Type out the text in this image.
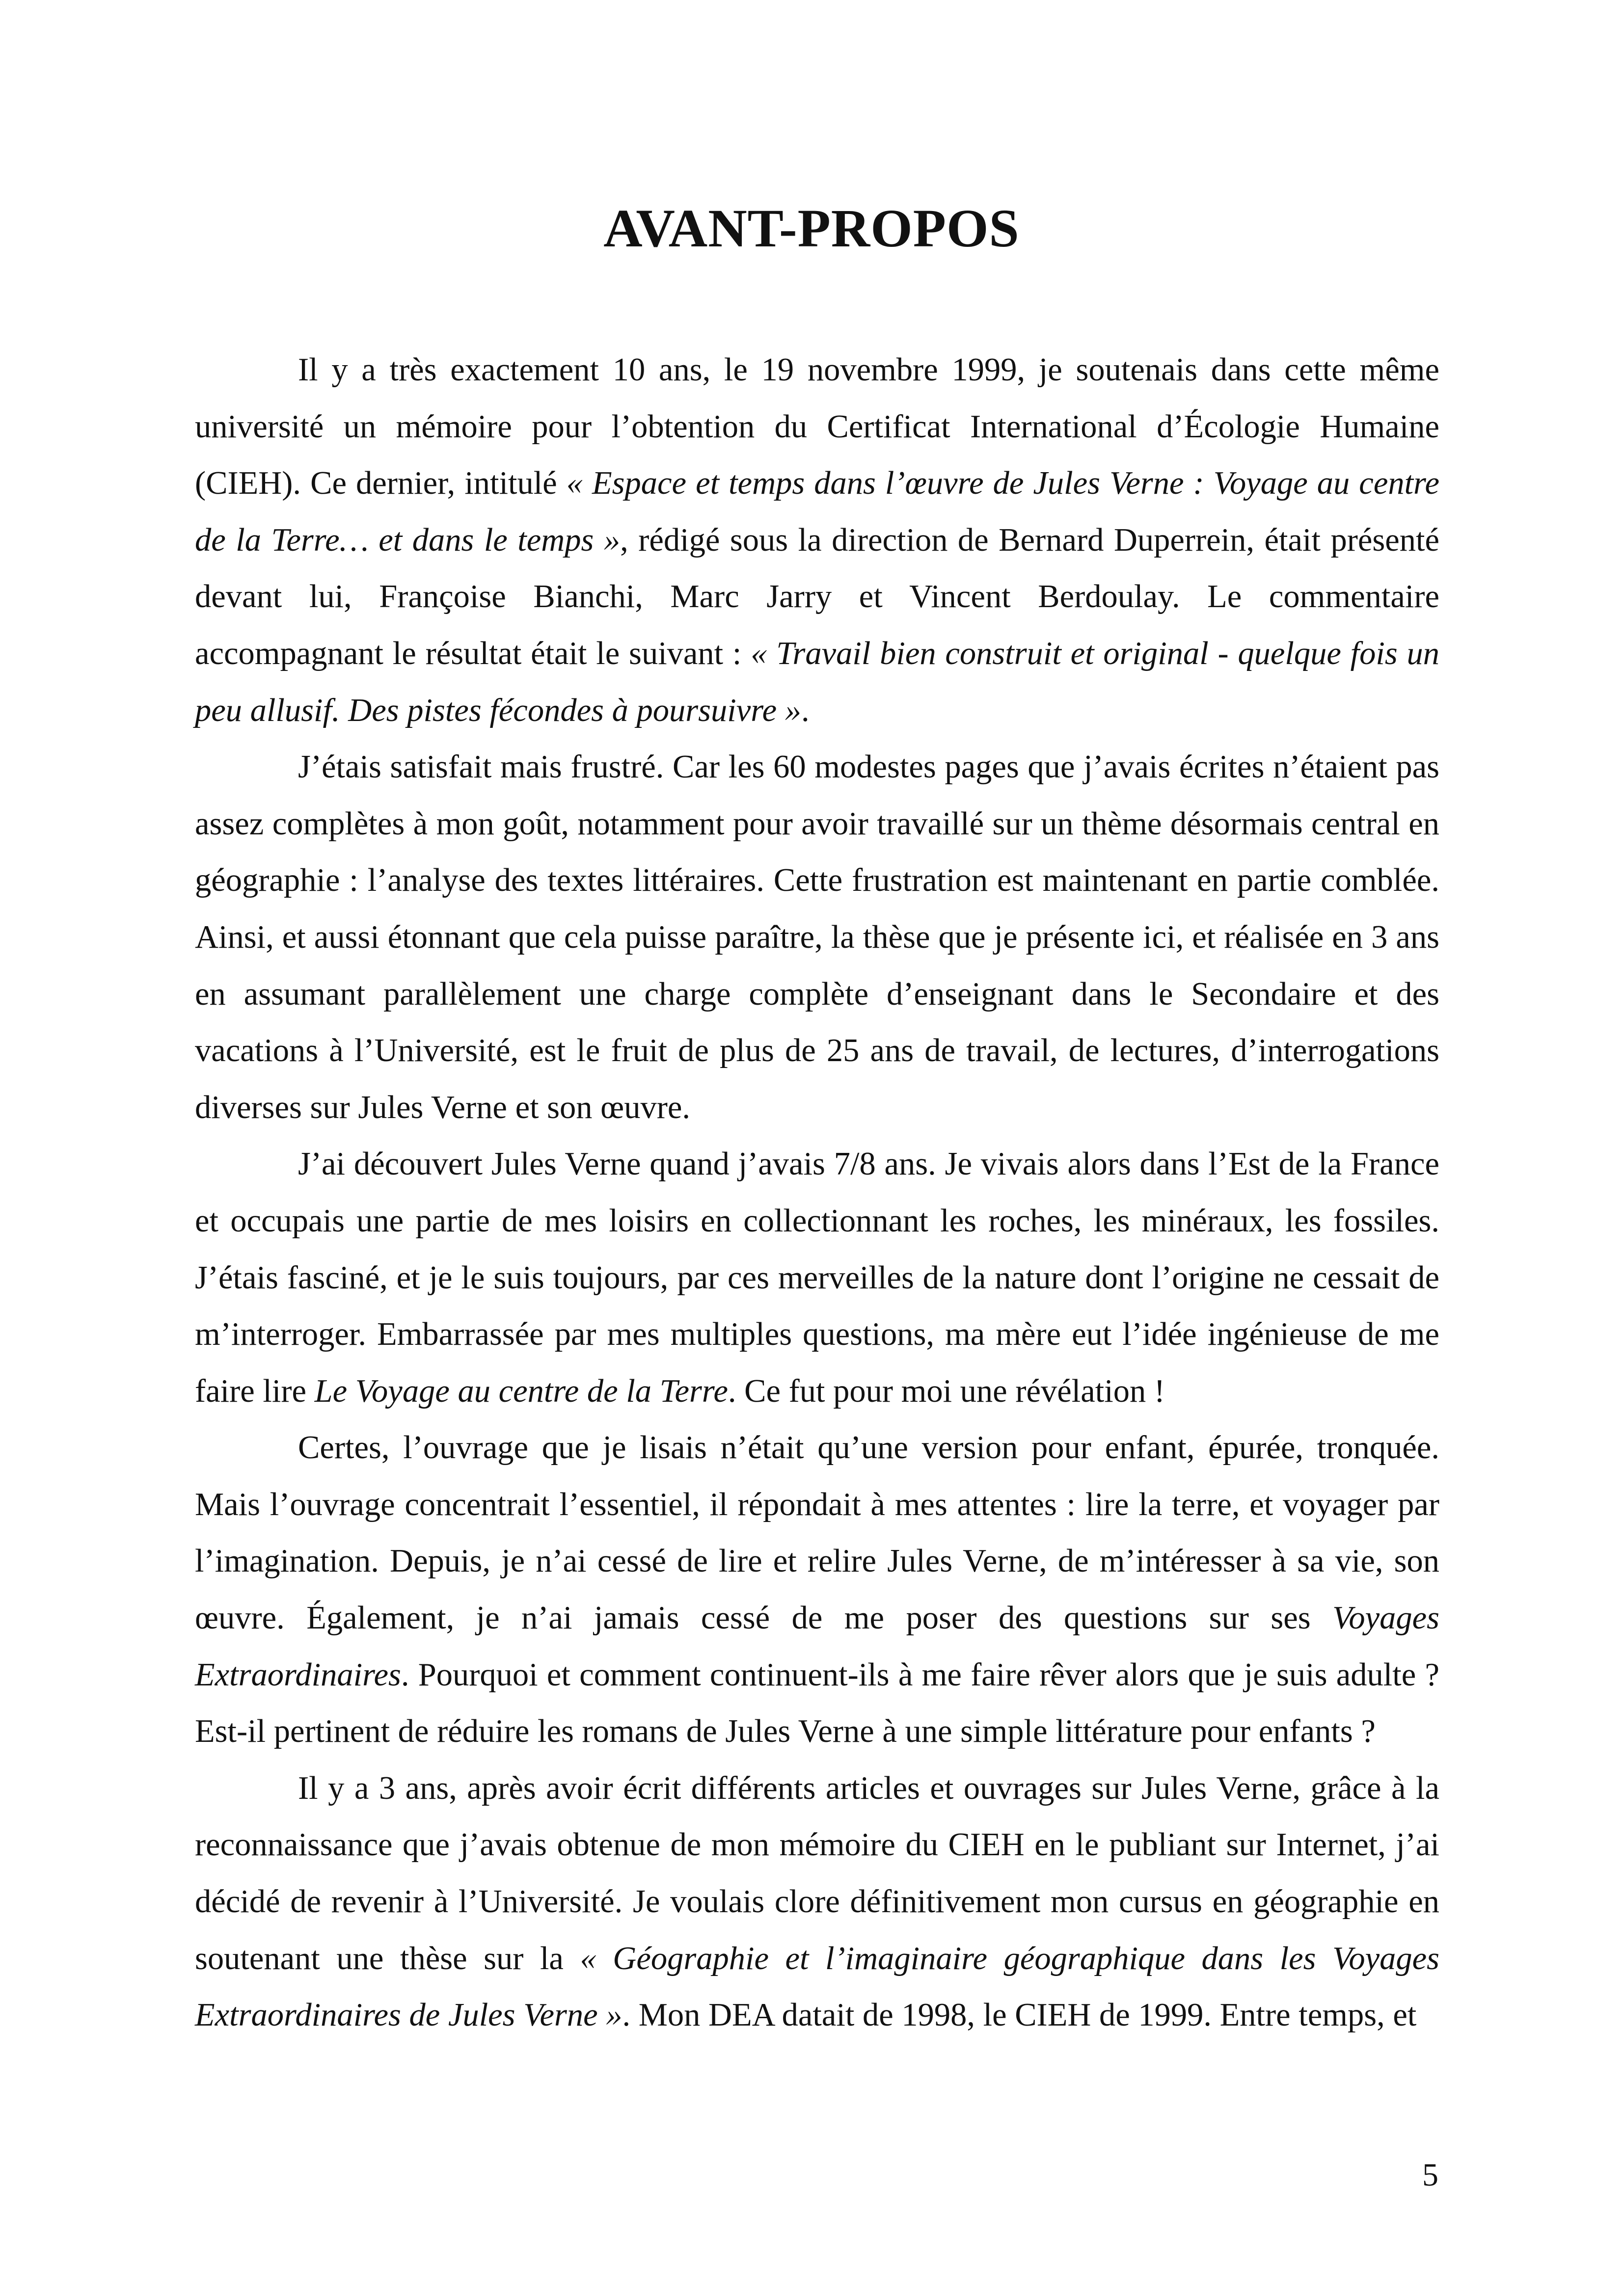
AVANT-PROPOS

Il y a très exactement 10 ans, le 19 novembre 1999, je soutenais dans cette même université un mémoire pour l’obtention du Certificat International d’Écologie Humaine (CIEH). Ce dernier, intitulé « Espace et temps dans l’œuvre de Jules Verne : Voyage au centre de la Terre… et dans le temps », rédigé sous la direction de Bernard Duperrein, était présenté devant lui, Françoise Bianchi, Marc Jarry et Vincent Berdoulay. Le commentaire accompagnant le résultat était le suivant : « Travail bien construit et original - quelque fois un peu allusif. Des pistes fécondes à poursuivre ».

J’étais satisfait mais frustré. Car les 60 modestes pages que j’avais écrites n’étaient pas assez complètes à mon goût, notamment pour avoir travaillé sur un thème désormais central en géographie : l’analyse des textes littéraires. Cette frustration est maintenant en partie comblée. Ainsi, et aussi étonnant que cela puisse paraître, la thèse que je présente ici, et réalisée en 3 ans en assumant parallèlement une charge complète d’enseignant dans le Secondaire et des vacations à l’Université, est le fruit de plus de 25 ans de travail, de lectures, d’interrogations diverses sur Jules Verne et son œuvre.

J’ai découvert Jules Verne quand j’avais 7/8 ans. Je vivais alors dans l’Est de la France et occupais une partie de mes loisirs en collectionnant les roches, les minéraux, les fossiles. J’étais fasciné, et je le suis toujours, par ces merveilles de la nature dont l’origine ne cessait de m’interroger. Embarrassée par mes multiples questions, ma mère eut l’idée ingénieuse de me faire lire Le Voyage au centre de la Terre. Ce fut pour moi une révélation !

Certes, l’ouvrage que je lisais n’était qu’une version pour enfant, épurée, tronquée. Mais l’ouvrage concentrait l’essentiel, il répondait à mes attentes : lire la terre, et voyager par l’imagination. Depuis, je n’ai cessé de lire et relire Jules Verne, de m’intéresser à sa vie, son œuvre. Également, je n’ai jamais cessé de me poser des questions sur ses Voyages Extraordinaires. Pourquoi et comment continuent-ils à me faire rêver alors que je suis adulte ? Est-il pertinent de réduire les romans de Jules Verne à une simple littérature pour enfants ?

Il y a 3 ans, après avoir écrit différents articles et ouvrages sur Jules Verne, grâce à la reconnaissance que j’avais obtenue de mon mémoire du CIEH en le publiant sur Internet, j’ai décidé de revenir à l’Université. Je voulais clore définitivement mon cursus en géographie en soutenant une thèse sur la « Géographie et l’imaginaire géographique dans les Voyages Extraordinaires de Jules Verne ». Mon DEA datait de 1998, le CIEH de 1999. Entre temps, et

5
